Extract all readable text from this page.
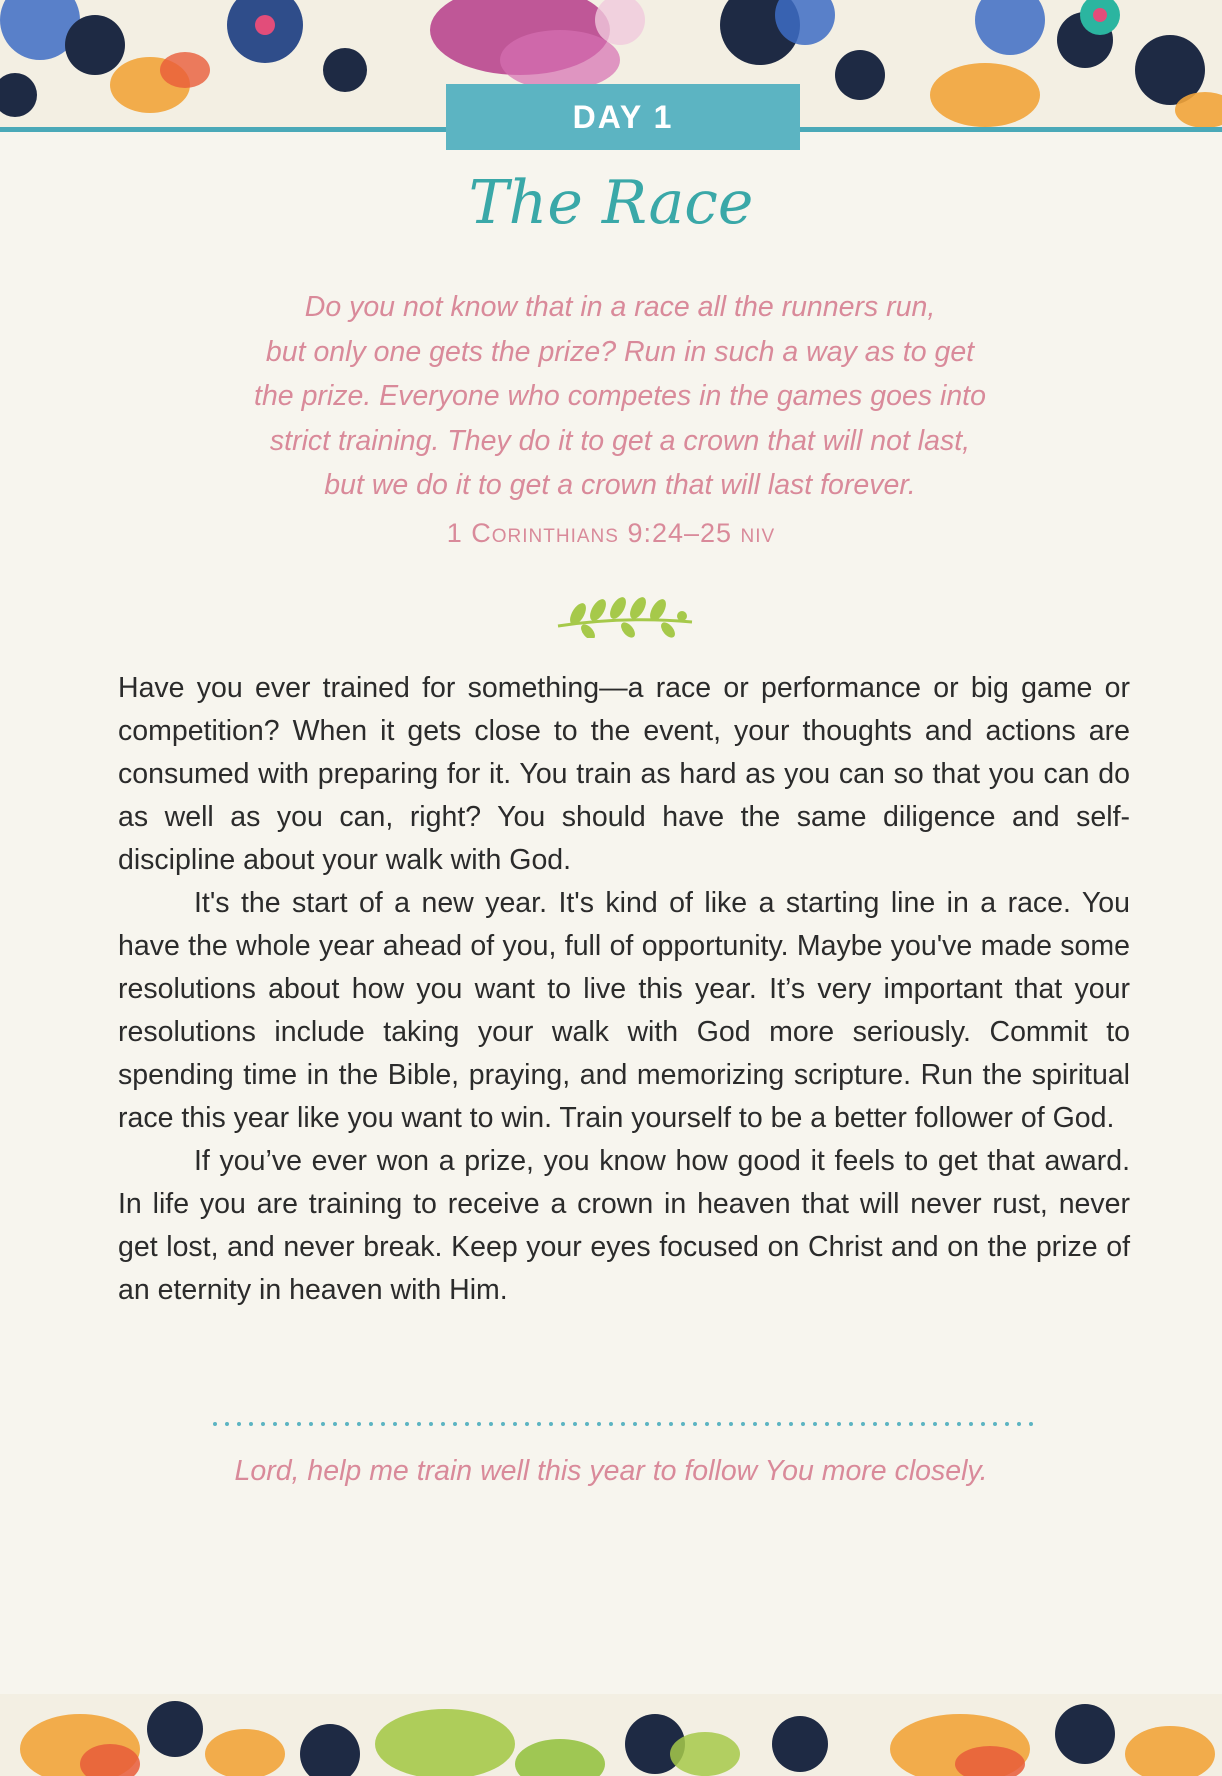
DAY 1
The Race
Do you not know that in a race all the runners run,
but only one gets the prize? Run in such a way as to get
the prize. Everyone who competes in the games goes into
strict training. They do it to get a crown that will not last,
but we do it to get a crown that will last forever.
1 Corinthians 9:24–25 niv

Have you ever trained for something—a race or performance or big game or competition? When it gets close to the event, your thoughts and actions are consumed with preparing for it. You train as hard as you can so that you can do as well as you can, right? You should have the same diligence and self-discipline about your walk with God.

It's the start of a new year. It's kind of like a starting line in a race. You have the whole year ahead of you, full of opportunity. Maybe you've made some resolutions about how you want to live this year. It’s very important that your resolutions include taking your walk with God more seriously. Commit to spending time in the Bible, praying, and memorizing scripture. Run the spiritual race this year like you want to win. Train yourself to be a better follower of God.

If you’ve ever won a prize, you know how good it feels to get that award. In life you are training to receive a crown in heaven that will never rust, never get lost, and never break. Keep your eyes focused on Christ and on the prize of an eternity in heaven with Him.

Lord, help me train well this year to follow You more closely.
